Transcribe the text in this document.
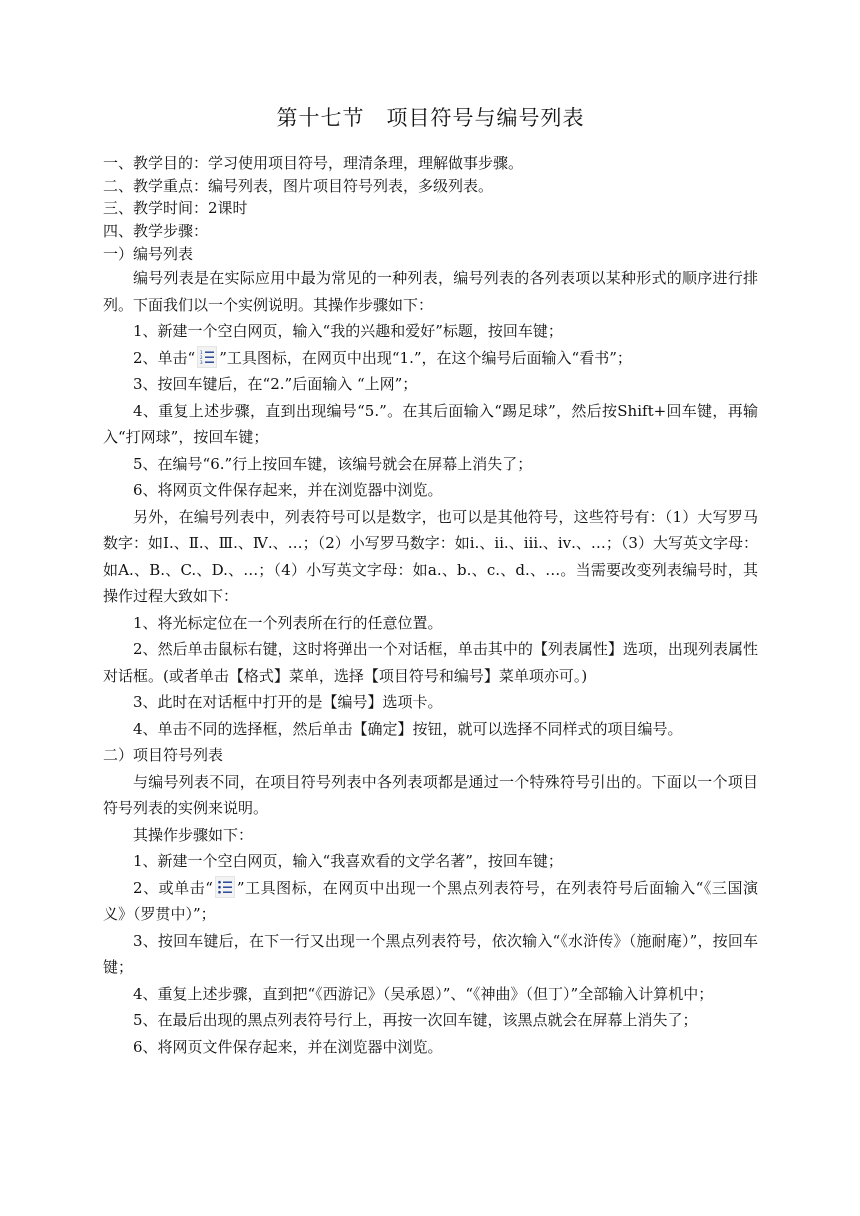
第十七节　项目符号与编号列表
一、教学目的：学习使用项目符号，理清条理，理解做事步骤。
二、教学重点：编号列表，图片项目符号列表，多级列表。
三、教学时间：2课时
四、教学步骤：
一）编号列表
编号列表是在实际应用中最为常见的一种列表，编号列表的各列表项以某种形式的顺序进行排列。下面我们以一个实例说明。其操作步骤如下：
1、新建一个空白网页，输入“我的兴趣和爱好”标题，按回车键；
2、单击“ 1
2
3 ”工具图标，在网页中出现“1.”，在这个编号后面输入“看书”；
3、按回车键后，在“2.”后面输入 “上网”；
4、重复上述步骤，直到出现编号“5.”。在其后面输入“踢足球”，然后按Shift+回车键，再输入“打网球”，按回车键；
5、在编号“6.”行上按回车键，该编号就会在屏幕上消失了；
6、将网页文件保存起来，并在浏览器中浏览。
另外，在编号列表中，列表符号可以是数字，也可以是其他符号，这些符号有：（1）大写罗马数字：如Ⅰ.、Ⅱ.、Ⅲ.、Ⅳ.、…；（2）小写罗马数字：如ⅰ.、ⅱ.、ⅲ.、ⅳ.、…；（3）大写英文字母：如A.、B.、C.、D.、…；（4）小写英文字母：如a.、b.、c.、d.、…。当需要改变列表编号时，其操作过程大致如下：
1、将光标定位在一个列表所在行的任意位置。
2、然后单击鼠标右键，这时将弹出一个对话框，单击其中的【列表属性】选项，出现列表属性对话框。(或者单击【格式】菜单，选择【项目符号和编号】菜单项亦可。)
3、此时在对话框中打开的是【编号】选项卡。
4、单击不同的选择框，然后单击【确定】按钮，就可以选择不同样式的项目编号。
二）项目符号列表
与编号列表不同，在项目符号列表中各列表项都是通过一个特殊符号引出的。下面以一个项目符号列表的实例来说明。
其操作步骤如下：
1、新建一个空白网页，输入“我喜欢看的文学名著”，按回车键；
2、或单击“ ”工具图标，在网页中出现一个黑点列表符号，在列表符号后面输入“《三国演义》（罗贯中）”；
3、按回车键后，在下一行又出现一个黑点列表符号，依次输入“《水浒传》（施耐庵）”，按回车键；
4、重复上述步骤，直到把“《西游记》（吴承恩）”、“《神曲》（但丁）”全部输入计算机中；
5、在最后出现的黑点列表符号行上，再按一次回车键，该黑点就会在屏幕上消失了；
6、将网页文件保存起来，并在浏览器中浏览。
